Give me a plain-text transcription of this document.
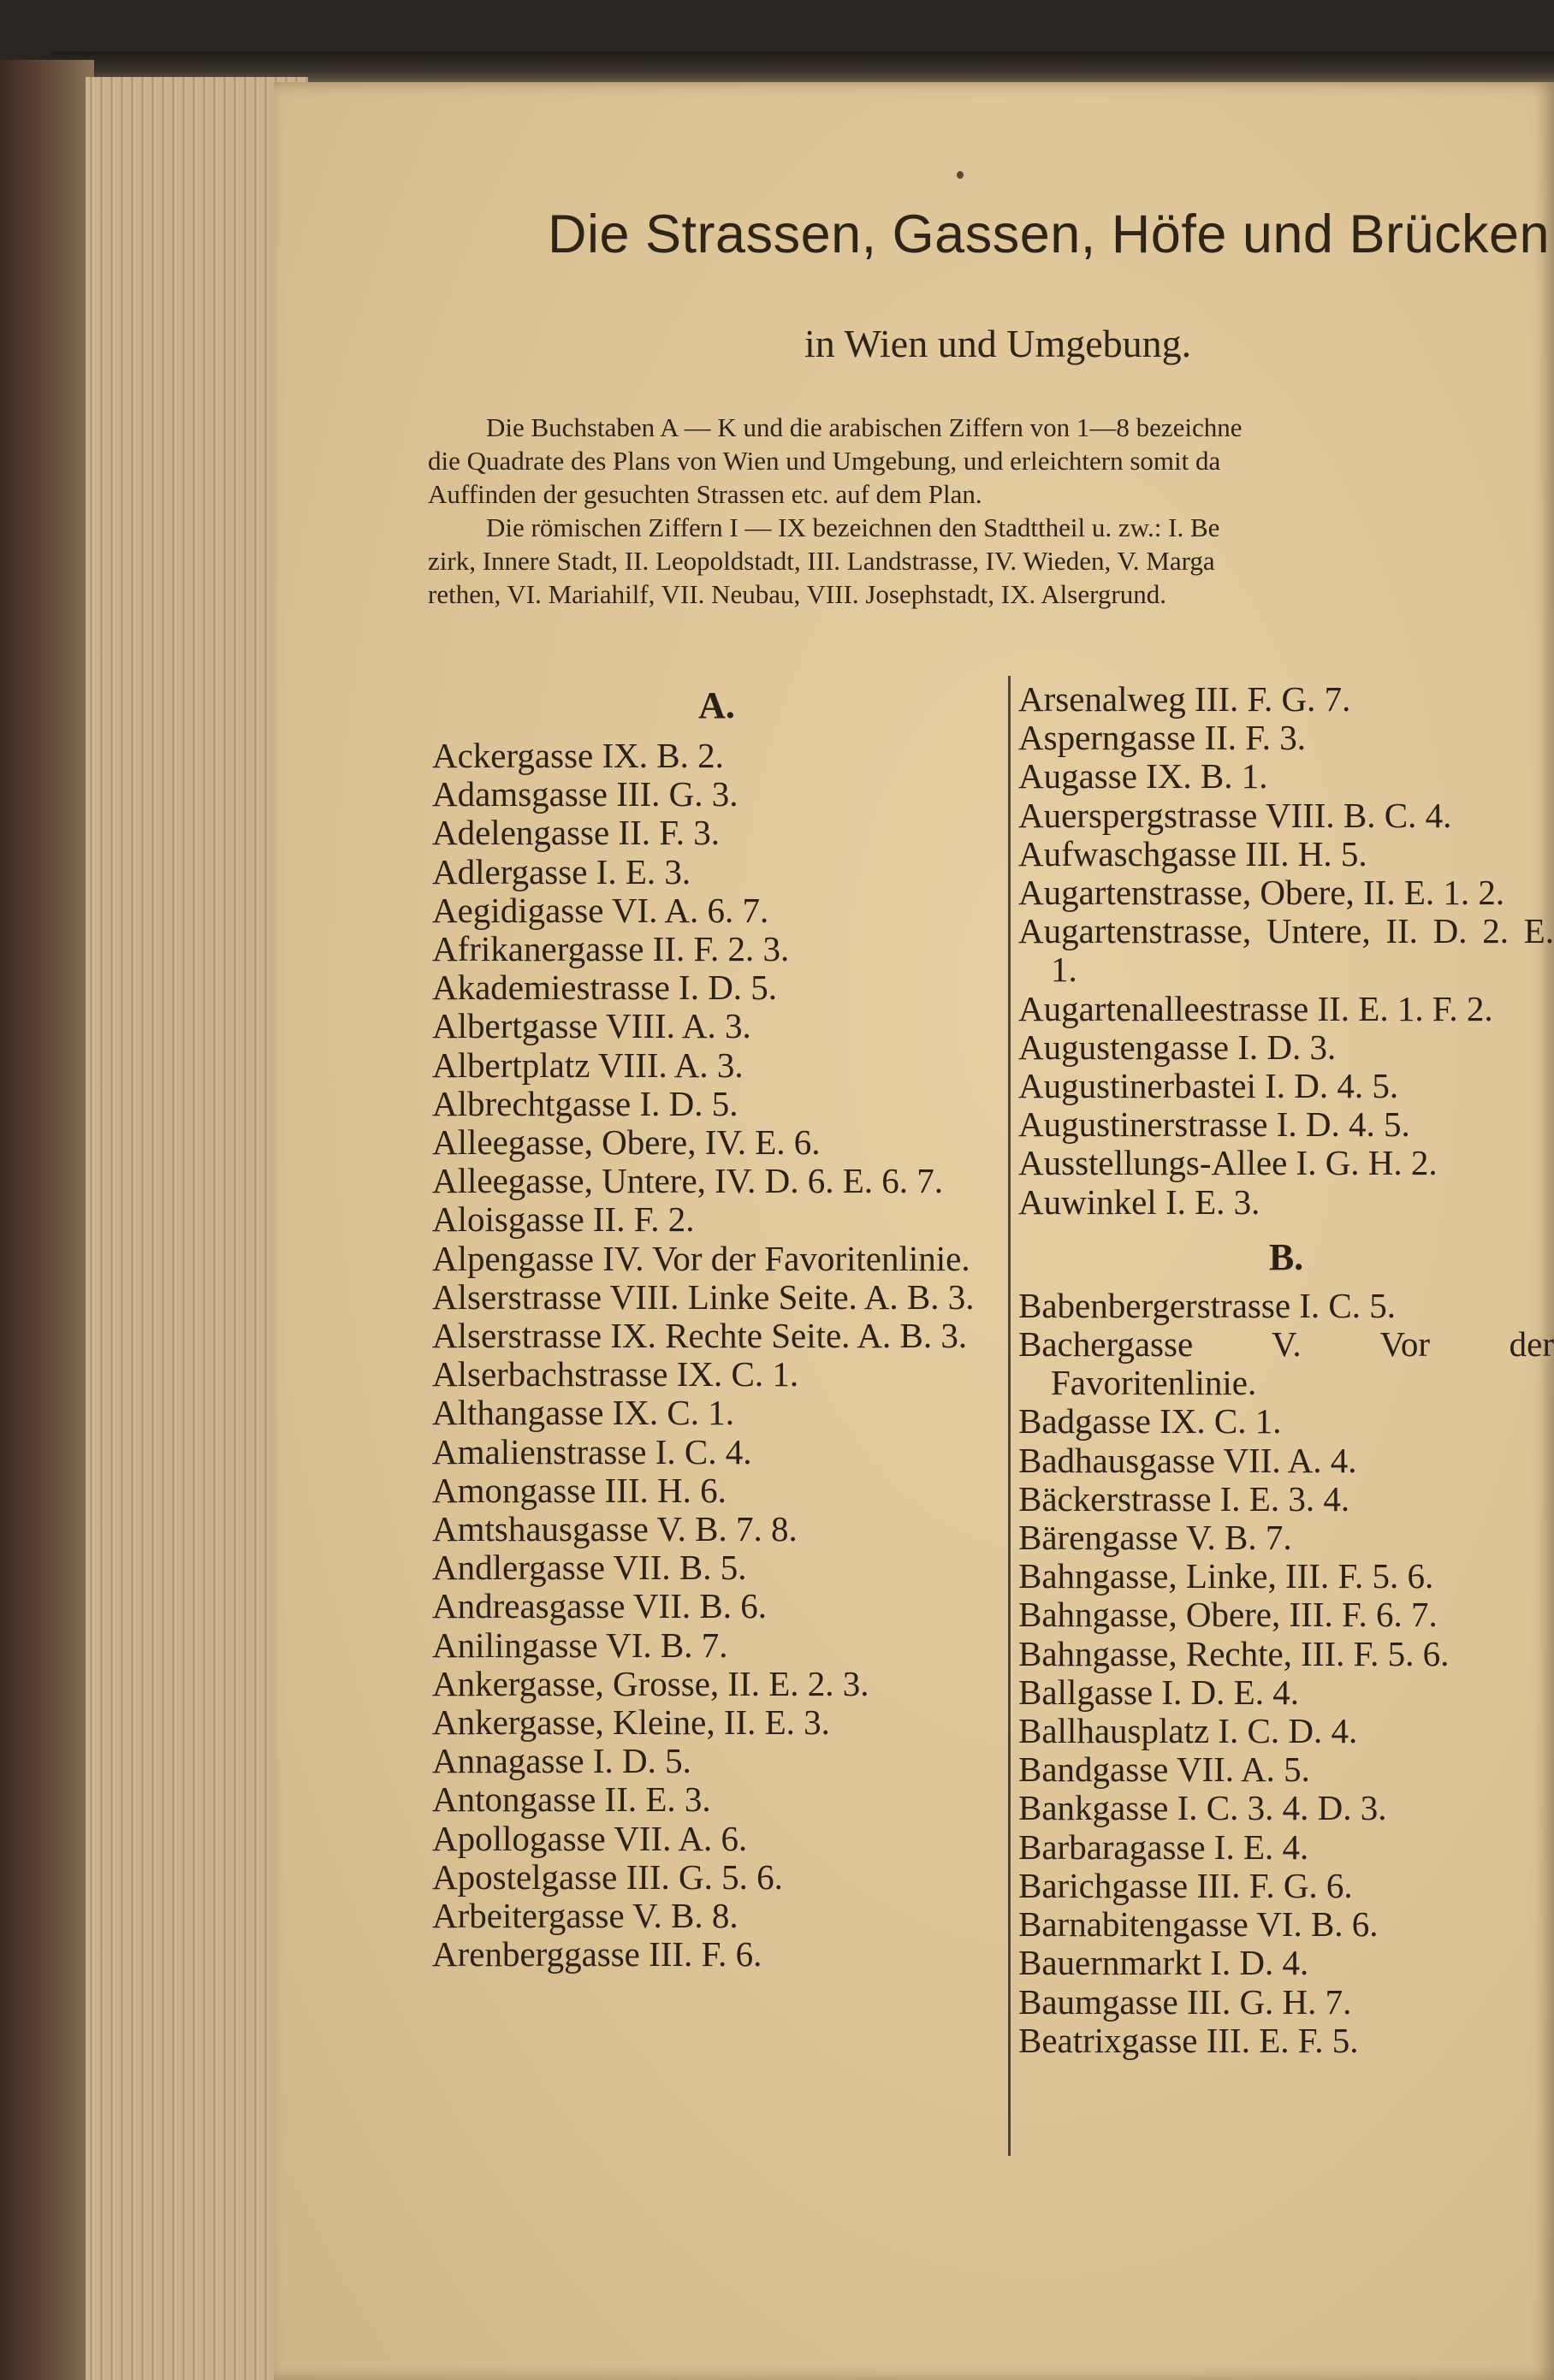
Die Strassen, Gassen, Höfe und Brücken
in Wien und Umgebung.

Die Buchstaben A — K und die arabischen Ziffern von 1—8 bezeichne

die Quadrate des Plans von Wien und Umgebung, und erleichtern somit da

Auffinden der gesuchten Strassen etc. auf dem Plan.

Die römischen Ziffern I — IX bezeichnen den Stadttheil u. zw.: I. Be

zirk, Innere Stadt, II. Leopoldstadt, III. Landstrasse, IV. Wieden, V. Marga

rethen, VI. Mariahilf, VII. Neubau, VIII. Josephstadt, IX. Alsergrund.

A.
Ackergasse IX. B. 2.
Adamsgasse III. G. 3.
Adelengasse II. F. 3.
Adlergasse I. E. 3.
Aegidigasse VI. A. 6. 7.
Afrikanergasse II. F. 2. 3.
Akademiestrasse I. D. 5.
Albertgasse VIII. A. 3.
Albertplatz VIII. A. 3.
Albrechtgasse I. D. 5.
Alleegasse, Obere, IV. E. 6.
Alleegasse, Untere, IV. D. 6. E. 6. 7.
Aloisgasse II. F. 2.
Alpengasse IV. Vor der Favoritenlinie.
Alserstrasse VIII. Linke Seite. A. B. 3.
Alserstrasse IX. Rechte Seite. A. B. 3.
Alserbachstrasse IX. C. 1.
Althangasse IX. C. 1.
Amalienstrasse I. C. 4.
Amongasse III. H. 6.
Amtshausgasse V. B. 7. 8.
Andlergasse VII. B. 5.
Andreasgasse VII. B. 6.
Anilingasse VI. B. 7.
Ankergasse, Grosse, II. E. 2. 3.
Ankergasse, Kleine, II. E. 3.
Annagasse I. D. 5.
Antongasse II. E. 3.
Apollogasse VII. A. 6.
Apostelgasse III. G. 5. 6.
Arbeitergasse V. B. 8.
Arenberggasse III. F. 6.
Arsenalweg III. F. G. 7.
Asperngasse II. F. 3.
Augasse IX. B. 1.
Auerspergstrasse VIII. B. C. 4.
Aufwaschgasse III. H. 5.
Augartenstrasse, Obere, II. E. 1. 2.
Augartenstrasse, Untere, II. D. 2. E. 1.
Augartenalleestrasse II. E. 1. F. 2.
Augustengasse I. D. 3.
Augustinerbastei I. D. 4. 5.
Augustinerstrasse I. D. 4. 5.
Ausstellungs-Allee I. G. H. 2.
Auwinkel I. E. 3.
B.
Babenbergerstrasse I. C. 5.
Bachergasse V. Vor der Favoritenlinie.
Badgasse IX. C. 1.
Badhausgasse VII. A. 4.
Bäckerstrasse I. E. 3. 4.
Bärengasse V. B. 7.
Bahngasse, Linke, III. F. 5. 6.
Bahngasse, Obere, III. F. 6. 7.
Bahngasse, Rechte, III. F. 5. 6.
Ballgasse I. D. E. 4.
Ballhausplatz I. C. D. 4.
Bandgasse VII. A. 5.
Bankgasse I. C. 3. 4. D. 3.
Barbaragasse I. E. 4.
Barichgasse III. F. G. 6.
Barnabitengasse VI. B. 6.
Bauernmarkt I. D. 4.
Baumgasse III. G. H. 7.
Beatrixgasse III. E. F. 5.
